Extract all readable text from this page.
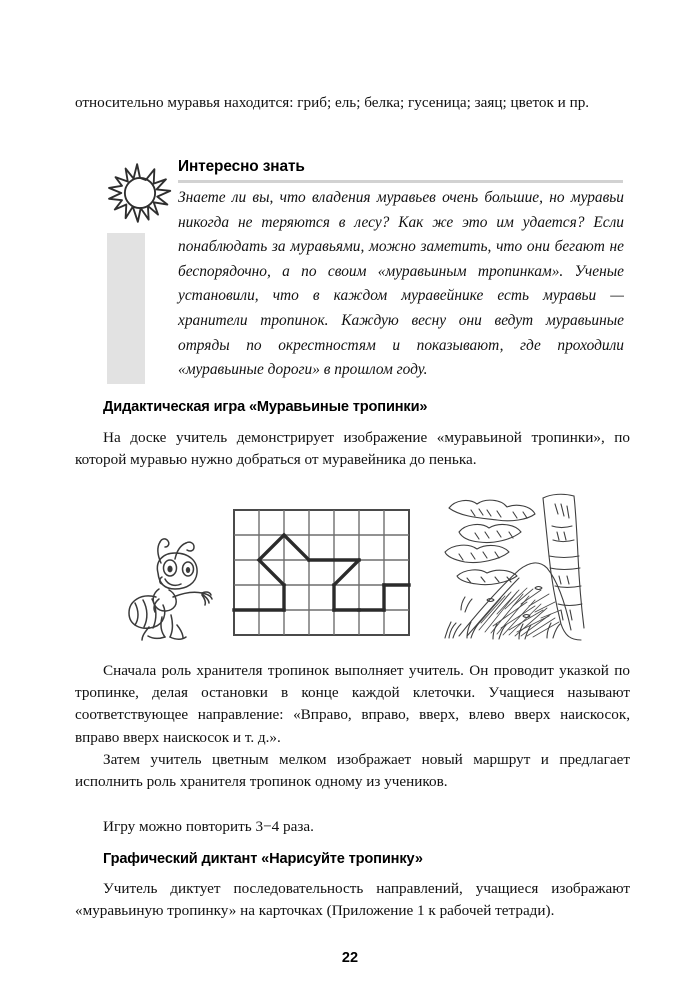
относительно муравья находится: гриб; ель; белка; гусеница; заяц; цветок и пр.
Интересно знать
Знаете ли вы, что владения муравьев очень большие, но муравьи никогда не теряются в лесу? Как же это им удается? Если понаблюдать за муравьями, можно заметить, что они бегают не беспорядочно, а по своим «муравьиным тропинкам». Ученые установили, что в каждом муравейнике есть муравьи — хранители тропинок. Каждую весну они ведут муравьиные отряды по окрестностям и показывают, где проходили «муравьиные дороги» в прошлом году.
Дидактическая игра «Муравьиные тропинки»
На доске учитель демонстрирует изображение «муравьиной тропинки», по которой муравью нужно добраться от муравейника до пенька.
Сначала роль хранителя тропинок выполняет учитель. Он проводит указкой по тропинке, делая остановки в конце каждой клеточки. Учащиеся называют соответствующее направление: «Вправо, вправо, вверх, влево вверх наискосок, вправо вверх наискосок и т. д.».
Затем учитель цветным мелком изображает новый маршрут и предлагает исполнить роль хранителя тропинок одному из учеников.
Игру можно повторить 3−4 раза.
Графический диктант «Нарисуйте тропинку»
Учитель диктует последовательность направлений, учащиеся изображают «муравьиную тропинку» на карточках (Приложение 1 к рабочей тетради).
22
